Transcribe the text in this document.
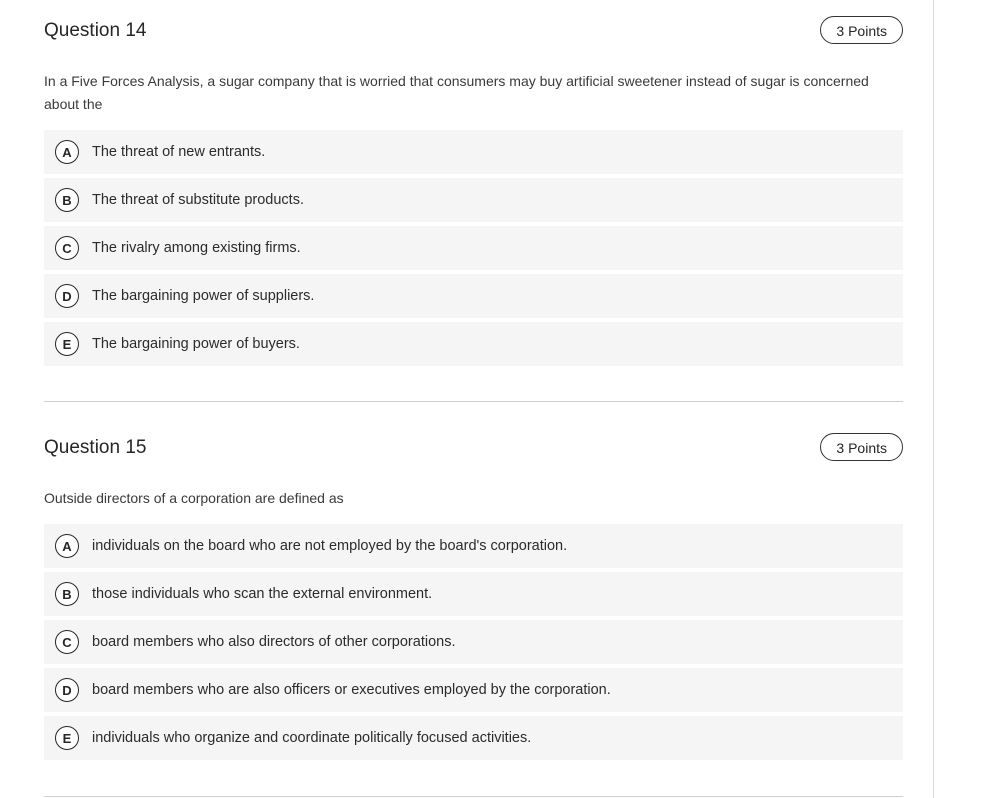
Question 14	3 Points

In a Five Forces Analysis, a sugar company that is worried that consumers may buy artificial sweetener instead of sugar is concerned about the

A	The threat of new entrants.
B	The threat of substitute products.
C	The rivalry among existing firms.
D	The bargaining power of suppliers.
E	The bargaining power of buyers.
Question 15	3 Points

Outside directors of a corporation are defined as

A	individuals on the board who are not employed by the board's corporation.
B	those individuals who scan the external environment.
C	board members who also directors of other corporations.
D	board members who are also officers or executives employed by the corporation.
E	individuals who organize and coordinate politically focused activities.
